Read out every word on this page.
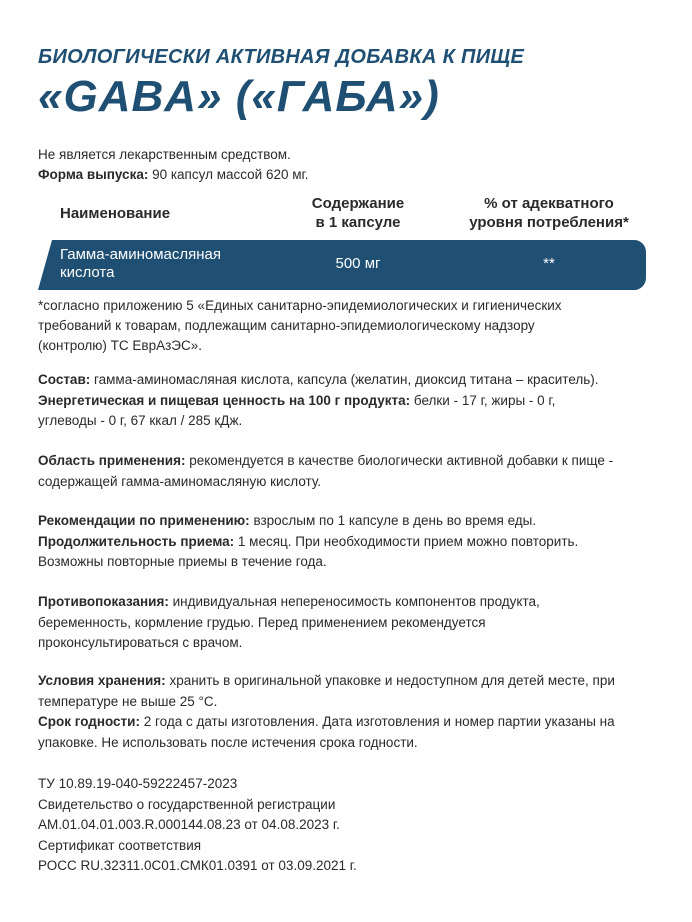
БИОЛОГИЧЕСКИ АКТИВНАЯ ДОБАВКА К ПИЩЕ
«GABA» («ГАБА»)
Не является лекарственным средством.
Форма выпуска: 90 капсул массой 620 мг.
Наименование
Содержание
в 1 капсуле
% от адекватного
уровня потребления*
Гамма-аминомасляная
кислота
500 мг	**
*согласно приложению 5 «Единых санитарно-эпидемиологических и гигиенических
требований к товарам, подлежащим санитарно-эпидемиологическому надзору
(контролю) ТС ЕврАзЭС».

Состав: гамма-аминомасляная кислота, капсула (желатин, диоксид титана – краситель).

Энергетическая и пищевая ценность на 100 г продукта: белки - 17 г, жиры - 0 г,

углеводы - 0 г, 67 ккал / 285 кДж.

Область применения: рекомендуется в качестве биологически активной добавки к пище -

содержащей гамма-аминомасляную кислоту.

Рекомендации по применению: взрослым по 1 капсуле в день во время еды.

Продолжительность приема: 1 месяц. При необходимости прием можно повторить.

Возможны повторные приемы в течение года.

Противопоказания: индивидуальная непереносимость компонентов продукта,

беременность, кормление грудью. Перед применением рекомендуется

проконсультироваться с врачом.

Условия хранения: хранить в оригинальной упаковке и недоступном для детей месте, при

температуре не выше 25 °С.

Срок годности: 2 года с даты изготовления. Дата изготовления и номер партии указаны на

упаковке. Не использовать после истечения срока годности.

ТУ 10.89.19-040-59222457-2023
Свидетельство о государственной регистрации
AM.01.04.01.003.R.000144.08.23 от 04.08.2023 г.
Сертификат соответствия
РОСС RU.32311.0С01.СМК01.0391 от 03.09.2021 г.
